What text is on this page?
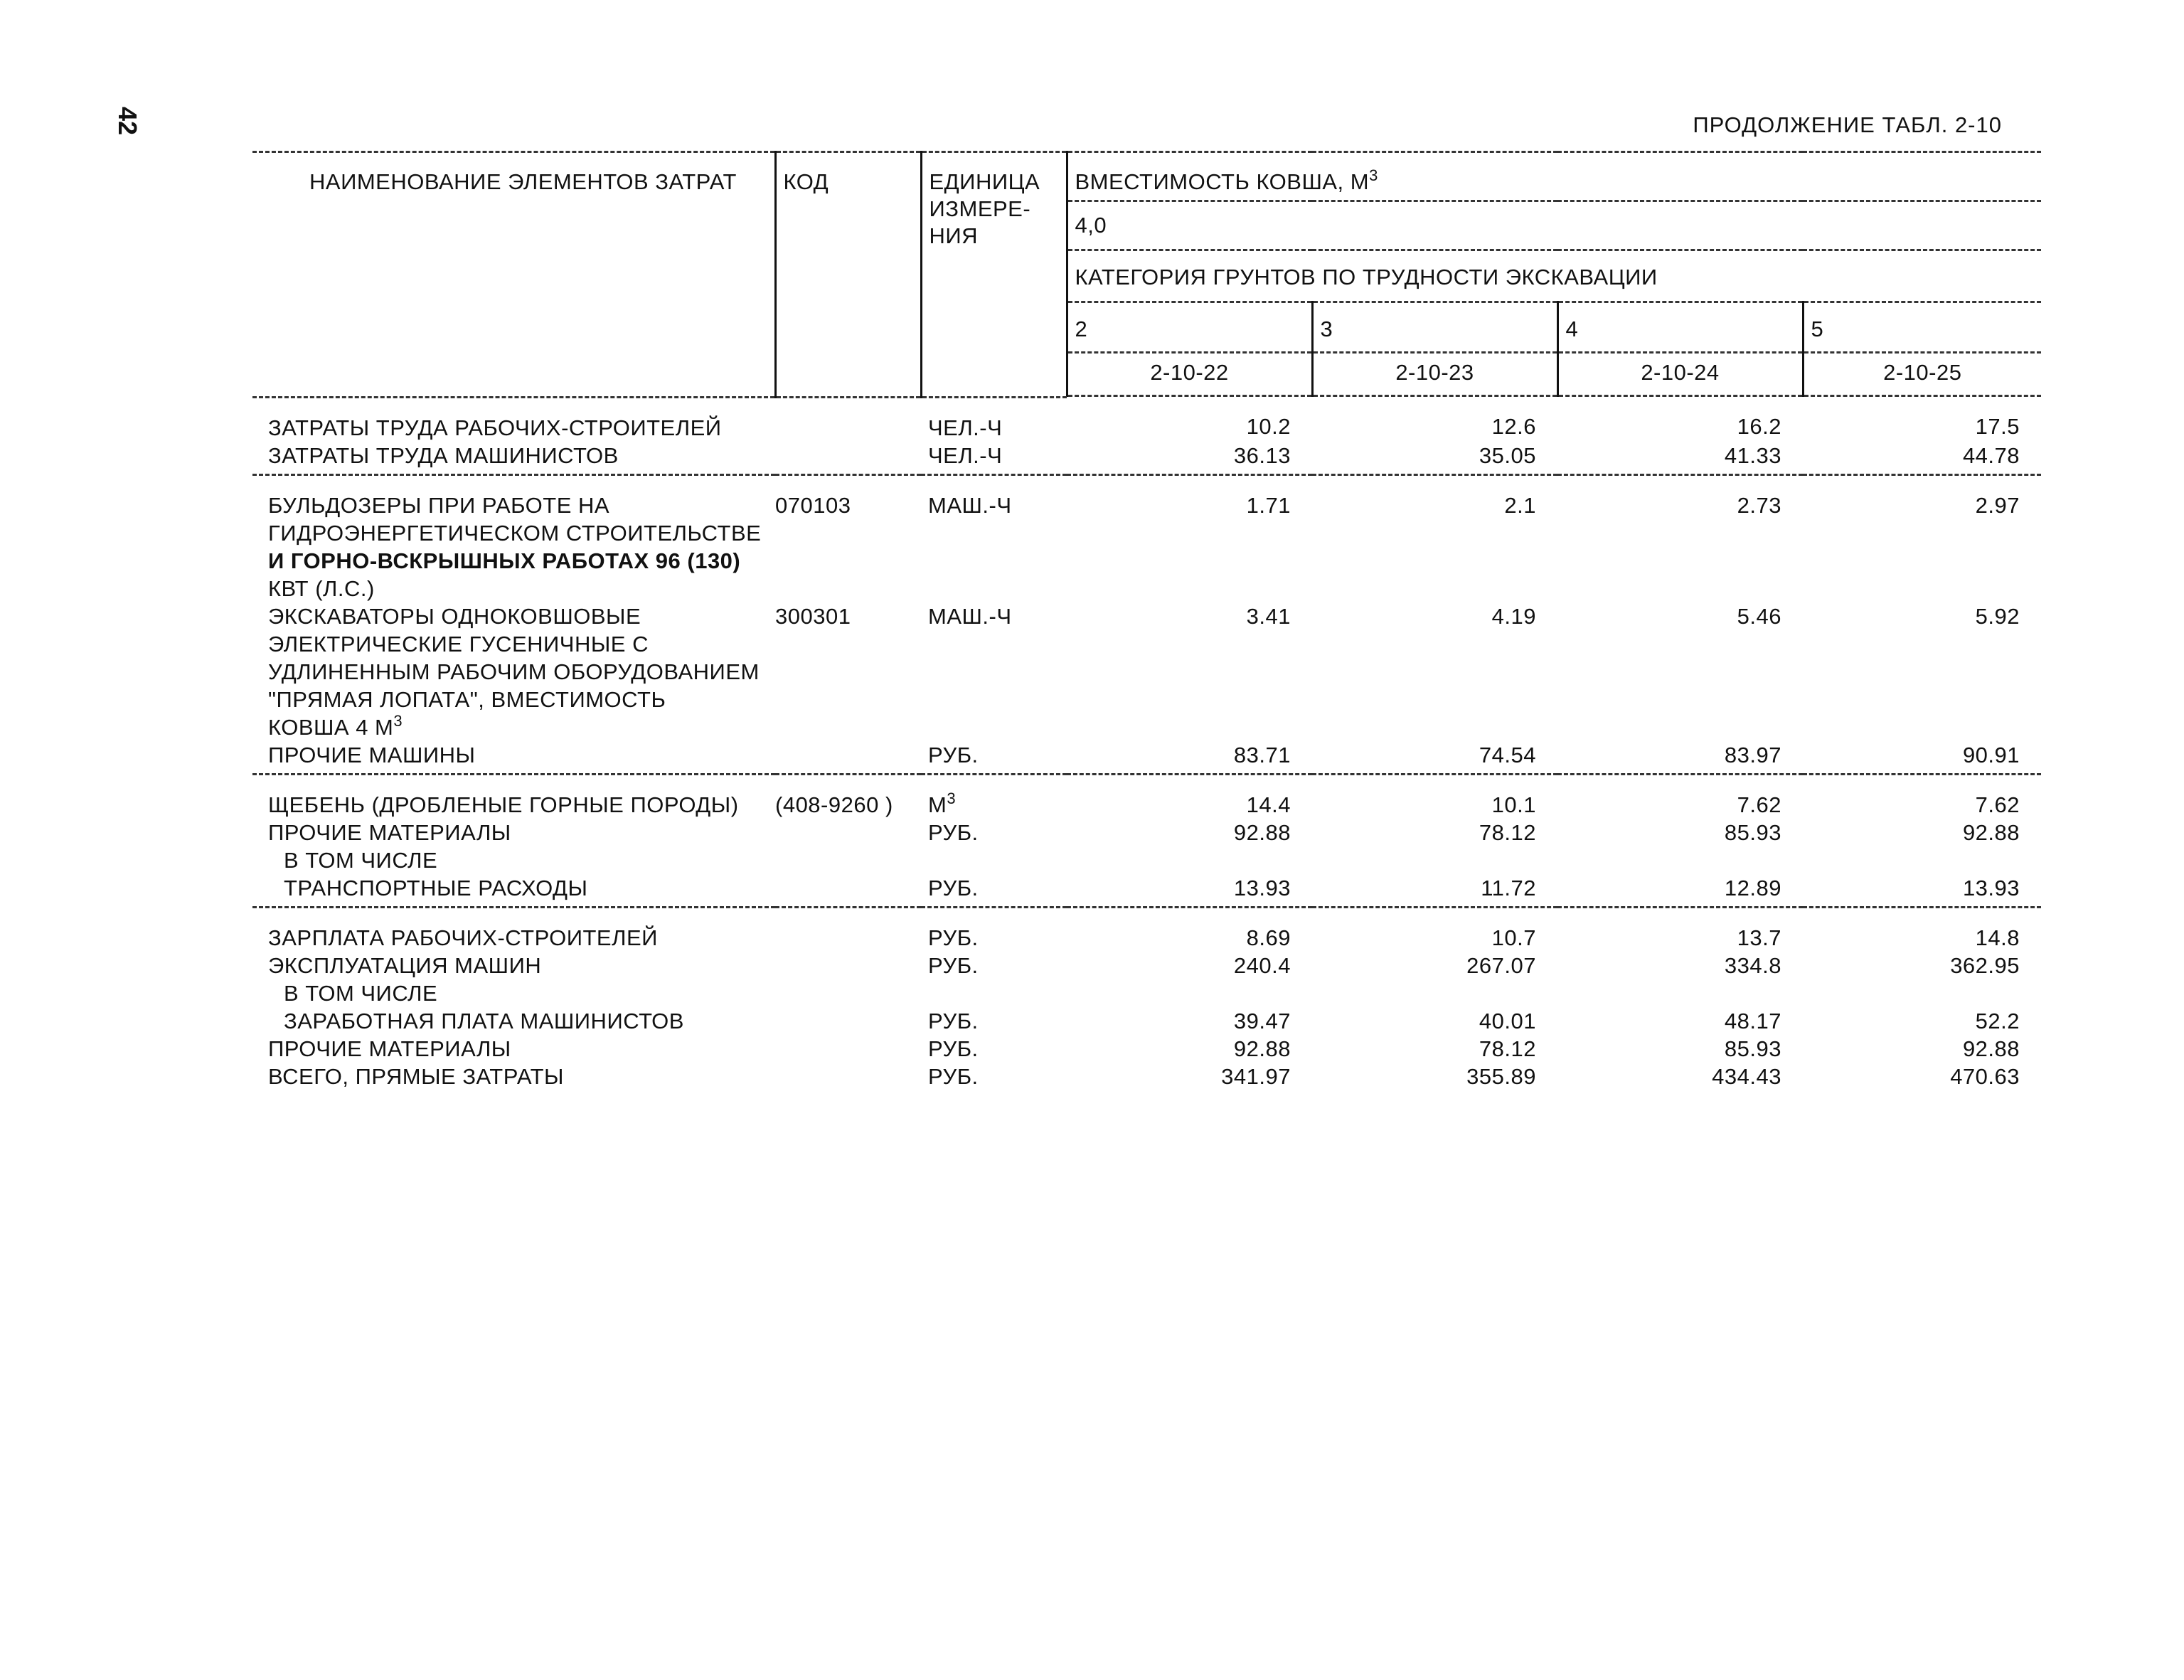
42	ПРОДОЛЖЕНИЕ ТАБЛ. 2-10
НАИМЕНОВАНИЕ ЭЛЕМЕНТОВ ЗАТРАТ	КОД	ЕДИНИЦА
ИЗМЕРЕ-
НИЯ	ВМЕСТИМОСТЬ КОВША, $М^3$
			4,0			
			КАТЕГОРИЯ ГРУНТОВ ПО ТРУДНОСТИ ЭКСКАВАЦИИ			
			2	3	4	5
			2-10-22	2-10-23	2-10-24	2-10-25

ЗАТРАТЫ ТРУДА РАБОЧИХ-СТРОИТЕЛЕЙ		ЧЕЛ.-Ч	10.2	12.6	16.2	17.5
ЗАТРАТЫ ТРУДА МАШИНИСТОВ		ЧЕЛ.-Ч	36.13	35.05	41.33	44.78

БУЛЬДОЗЕРЫ ПРИ РАБОТЕ НА
ГИДРОЭНЕРГЕТИЧЕСКОМ СТРОИТЕЛЬСТВЕ
И ГОРНО-ВСКРЫШНЫХ РАБОТАХ 96 (130)
КВТ (Л.С.)	070103	МАШ.-Ч	1.71	2.1	2.73	2.97

ЭКСКАВАТОРЫ ОДНОКОВШОВЫЕ
ЭЛЕКТРИЧЕСКИЕ ГУСЕНИЧНЫЕ С
УДЛИНЕННЫМ РАБОЧИМ ОБОРУДОВАНИЕМ
"ПРЯМАЯ ЛОПАТА", ВМЕСТИМОСТЬ
КОВША 4 $М^3$	300301	МАШ.-Ч	3.41	4.19	5.46	5.92
ПРОЧИЕ МАШИНЫ		РУБ.	83.71	74.54	83.97	90.91
ЩЕБЕНЬ (ДРОБЛЕНЫЕ ГОРНЫЕ ПОРОДЫ)	(408-9260 )	$М^3$	14.4	10.1	7.62	7.62
ПРОЧИЕ МАТЕРИАЛЫ		РУБ.	92.88	78.12	85.93	92.88
В ТОМ ЧИСЛЕ						
ТРАНСПОРТНЫЕ РАСХОДЫ		РУБ.	13.93	11.72	12.89	13.93
ЗАРПЛАТА РАБОЧИХ-СТРОИТЕЛЕЙ		РУБ.	8.69	10.7	13.7	14.8
ЭКСПЛУАТАЦИЯ МАШИН		РУБ.	240.4	267.07	334.8	362.95
В ТОМ ЧИСЛЕ						
ЗАРАБОТНАЯ ПЛАТА МАШИНИСТОВ		РУБ.	39.47	40.01	48.17	52.2
ПРОЧИЕ МАТЕРИАЛЫ		РУБ.	92.88	78.12	85.93	92.88
ВСЕГО, ПРЯМЫЕ ЗАТРАТЫ		РУБ.	341.97	355.89	434.43	470.63
